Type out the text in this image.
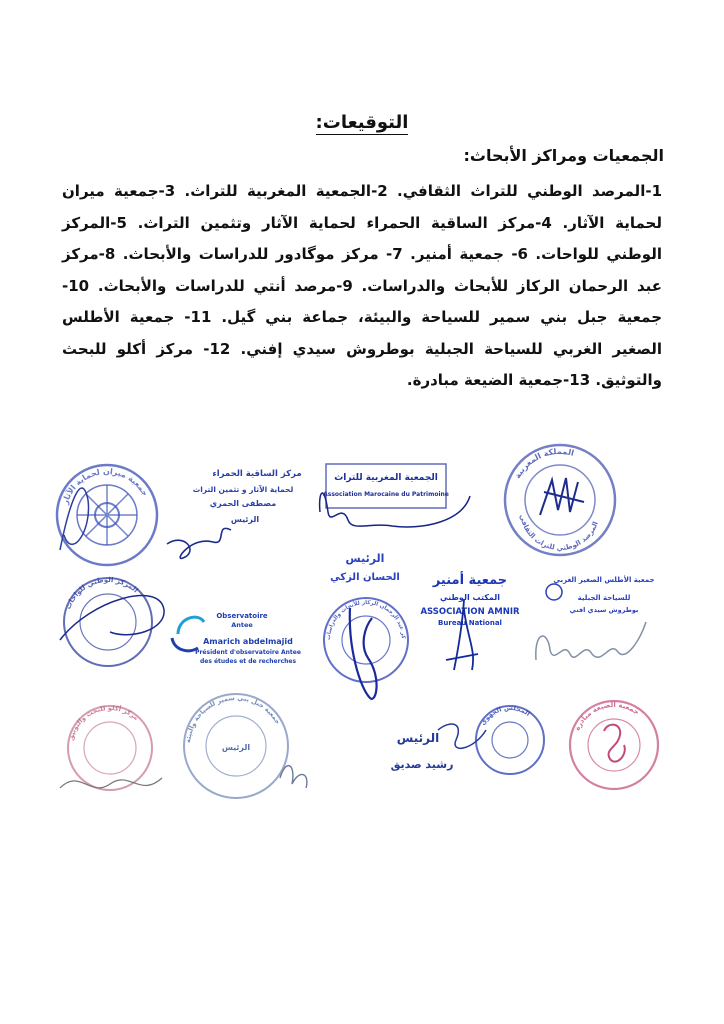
التوقيعات:
الجمعيات ومراكز الأبحاث:
1-المرصد الوطني للتراث الثقافي. 2-الجمعية المغربية للتراث. 3-جمعية ميران لحماية الآثار. 4-مركز الساقية الحمراء لحماية الآثار وتثمين التراث. 5-المركز الوطني للواحات. 6- جمعية أمنير. 7- مركز موگادور للدراسات والأبحاث. 8-مركز عبد الرحمان الركاز للأبحاث والدراسات. 9-مرصد أنتي للدراسات والأبحاث. 10- جمعية جبل بني سمير للسياحة والبيئة، جماعة بني گيل. 11- جمعية الأطلس الصغير الغربي للسياحة الجبلية بوطروش سيدي إفني. 12- مركز أكلو للبحث والتوثيق. 13-جمعية الضيعة مبادرة.
جمعية ميران لحماية الآثار
مركز الساقية الحمراء
لحماية الآثار و تثمين التراث
مصطفى الحمري
الرئيس
الجمعية المغربية للتراث
Association Marocaine du Patrimoine
المملكة المغربية
المرصد الوطني للتراث الثقافي
الرئيس
الحسان الزكي
المركز الوطني للواحات
Observatoire
Antee
Amarich abdelmajid
Président d'observatoire Antee
des études et de recherches
مركز عبد الرحمان الركاز للأبحاث والدراسات	جمعية أمنير
المكتب الوطني
ASSOCIATION AMNIR
Bureau National
جمعية الأطلس الصغير الغربي
للسياحة الجبلية
بوطروش سيدي افني
مركز أكلو للبحث والتوثيق
جمعية جبل بني سمير للسياحة والبيئة
الرئيس
الرئيس
رشيد صديق
المجلس الجهوي
جمعية الضيعة مبادرة
